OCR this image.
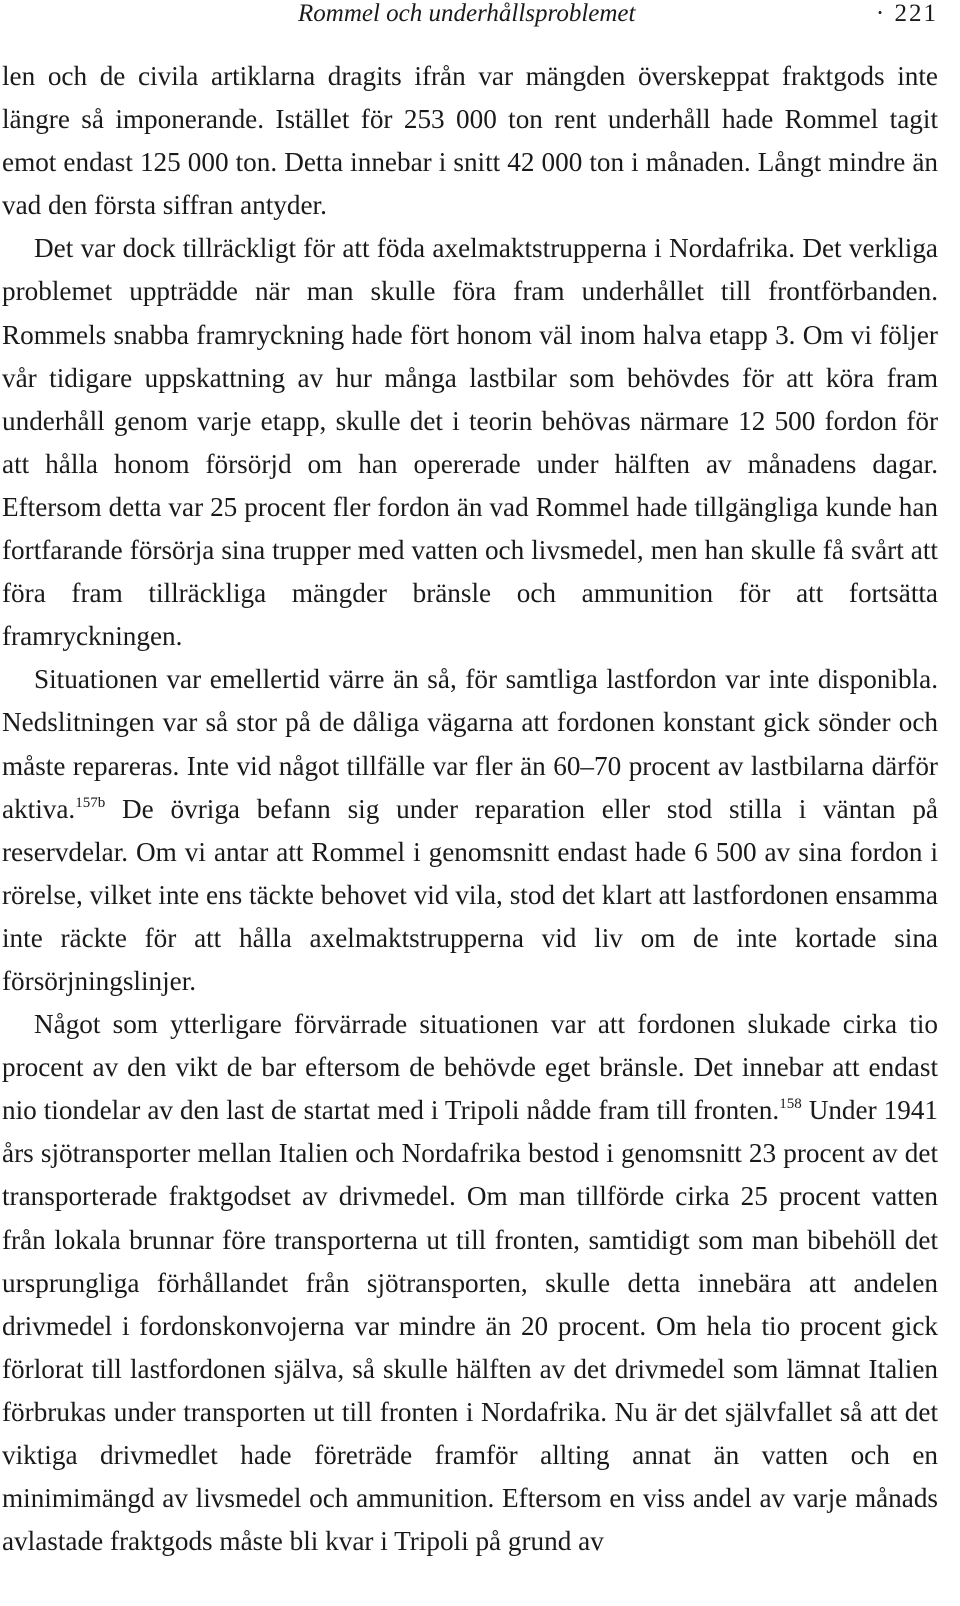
Rommel och underhållsproblemet	· 221

len och de civila artiklarna dragits ifrån var mängden överskeppat fraktgods inte längre så imponerande. Istället för 253 000 ton rent underhåll hade Rommel tagit emot endast 125 000 ton. Detta innebar i snitt 42 000 ton i månaden. Långt mindre än vad den första siffran antyder.

Det var dock tillräckligt för att föda axelmaktstrupperna i Nordafrika. Det verkliga problemet uppträdde när man skulle föra fram underhållet till frontförbanden. Rommels snabba framryckning hade fört honom väl inom halva etapp 3. Om vi följer vår tidigare uppskattning av hur många lastbilar som behövdes för att köra fram underhåll genom varje etapp, skulle det i teorin behövas närmare 12 500 fordon för att hålla honom försörjd om han opererade under hälften av månadens dagar. Eftersom detta var 25 procent fler fordon än vad Rommel hade tillgängliga kunde han fortfarande försörja sina trupper med vatten och livsmedel, men han skulle få svårt att föra fram tillräckliga mängder bränsle och ammunition för att fortsätta framryckningen.

Situationen var emellertid värre än så, för samtliga lastfordon var inte disponibla. Nedslitningen var så stor på de dåliga vägarna att fordonen konstant gick sönder och måste repareras. Inte vid något tillfälle var fler än 60–70 procent av lastbilarna därför aktiva.$^{157b}$ De övriga befann sig under reparation eller stod stilla i väntan på reservdelar. Om vi antar att Rommel i genomsnitt endast hade 6 500 av sina fordon i rörelse, vilket inte ens täckte behovet vid vila, stod det klart att lastfordonen ensamma inte räckte för att hålla axelmaktstrupperna vid liv om de inte kortade sina försörjningslinjer.

Något som ytterligare förvärrade situationen var att fordonen slukade cirka tio procent av den vikt de bar eftersom de behövde eget bränsle. Det innebar att endast nio tiondelar av den last de startat med i Tripoli nådde fram till fronten.$^{158}$ Under 1941 års sjötransporter mellan Italien och Nordafrika bestod i genomsnitt 23 procent av det transporterade fraktgodset av drivmedel. Om man tillförde cirka 25 procent vatten från lokala brunnar före transporterna ut till fronten, samtidigt som man bibehöll det ursprungliga förhållandet från sjötransporten, skulle detta innebära att andelen drivmedel i fordonskonvojerna var mindre än 20 procent. Om hela tio procent gick förlorat till lastfordonen själva, så skulle hälften av det drivmedel som lämnat Italien förbrukas under transporten ut till fronten i Nordafrika. Nu är det självfallet så att det viktiga drivmedlet hade företräde framför allting annat än vatten och en minimimängd av livsmedel och ammunition. Eftersom en viss andel av varje månads avlastade fraktgods måste bli kvar i Tripoli på grund av
